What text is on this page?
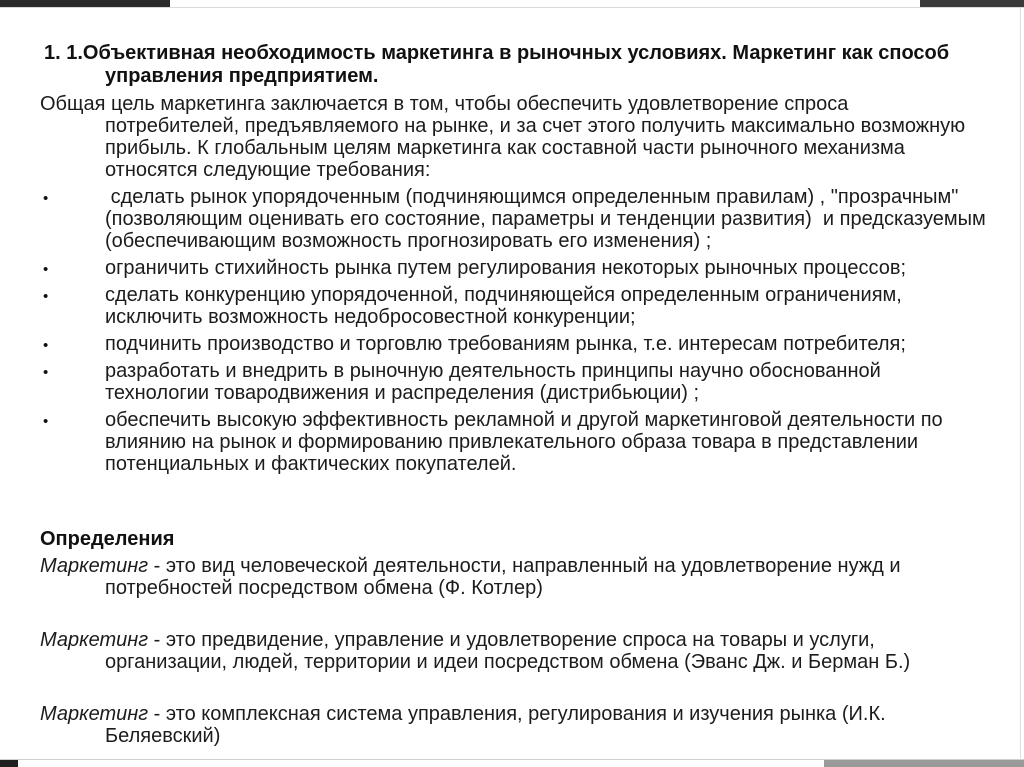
1. 1.Объективная необходимость маркетинга в рыночных условиях. Маркетинг как способ управления предприятием.

Общая цель маркетинга заключается в том, чтобы обеспечить удовлетворение спроса потребителей, предъявляемого на рынке, и за счет этого получить максимально возможную прибыль. К глобальным целям маркетинга как составной части рыночного механизма относятся следующие требования:

•	сделать рынок упорядоченным (подчиняющимся определенным правилам) , "прозрачным" (позволяющим оценивать его состояние, параметры и тенденции развития)  и предсказуемым (обеспечивающим возможность прогнозировать его изменения) ;
•	ограничить стихийность рынка путем регулирования некоторых рыночных процессов;
•	сделать конкуренцию упорядоченной, подчиняющейся определенным ограничениям, исключить возможность недобросовестной конкуренции;
•	подчинить производство и торговлю требованиям рынка, т.е. интересам потребителя;
•	разработать и внедрить в рыночную деятельность принципы научно обоснованной технологии товародвижения и распределения (дистрибьюции) ;
•	обеспечить высокую эффективность рекламной и другой маркетинговой деятельности по влиянию на рынок и формированию привлекательного образа товара в представлении потенциальных и фактических покупателей.
Определения

Маркетинг - это вид человеческой деятельности, направленный на удовлетворение нужд и потребностей посредством обмена (Ф. Котлер)

Маркетинг - это предвидение, управление и удовлетворение спроса на товары и услуги, организации, людей, территории и идеи посредством обмена (Эванс Дж. и Берман Б.)

Маркетинг - это комплексная система управления, регулирования и изучения рынка (И.К. Беляевский)
